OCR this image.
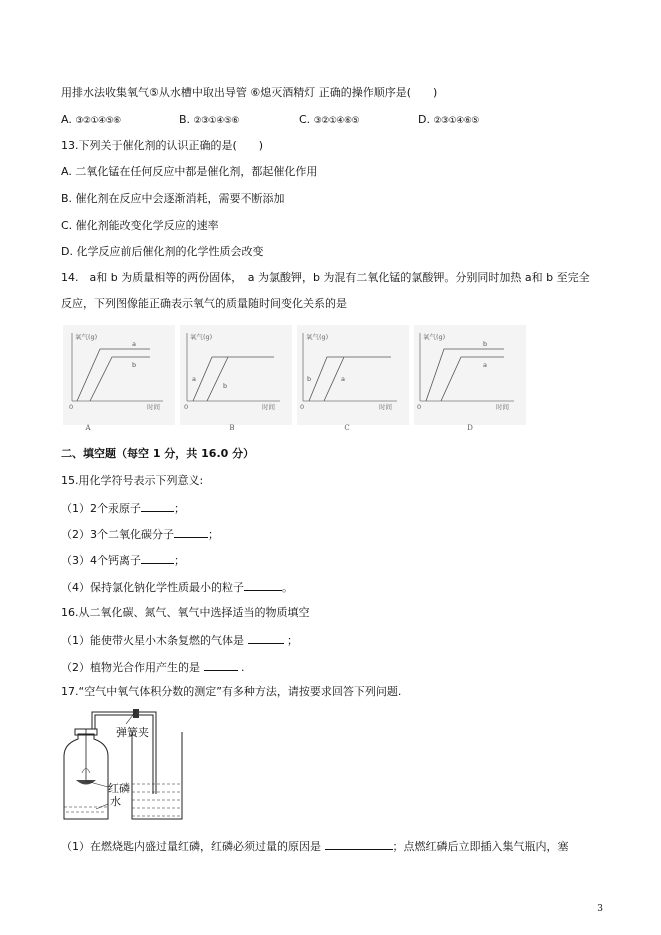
用排水法收集氧气⑤从水槽中取出导管 ⑥熄灭酒精灯 正确的操作顺序是(　　)
A. ③②①④⑤⑥	B. ②③①④⑤⑥	C. ③②①④⑥⑤	D. ②③①④⑥⑤
13.下列关于催化剂的认识正确的是(　　)
A. 二氧化锰在任何反应中都是催化剂，都起催化作用
B. 催化剂在反应中会逐渐消耗，需要不断添加
C. 催化剂能改变化学反应的速率
D. 化学反应前后催化剂的化学性质会改变
14.　a和 b 为质量相等的两份固体，　a 为氯酸钾，b 为混有二氧化锰的氯酸钾。分别同时加热 a和 b 至完全
反应，下列图像能正确表示氧气的质量随时间变化关系的是
氧气(g)
0	时间
a
b
A
氧气(g)
0	时间
a
b
B
氧气(g)
0	时间
b	a
C
氧气(g)
0	时间
b
a
D
二、填空题（每空 1 分，共 16.0 分）
15.用化学符号表示下列意义:
（1）2个汞原子	；
（2）3个二氧化碳分子	；
（3）4个钙离子	；
（4）保持氯化钠化学性质最小的粒子	。
16.从二氧化碳、氮气、氧气中选择适当的物质填空
（1）能使带火星小木条复燃的气体是	；
（2）植物光合作用产生的是	.
17.“空气中氧气体积分数的测定”有多种方法，请按要求回答下列问题.
弹簧夹
红磷
水
（1）在燃烧匙内盛过量红磷，红磷必须过量的原因是	；点燃红磷后立即插入集气瓶内，塞
3
